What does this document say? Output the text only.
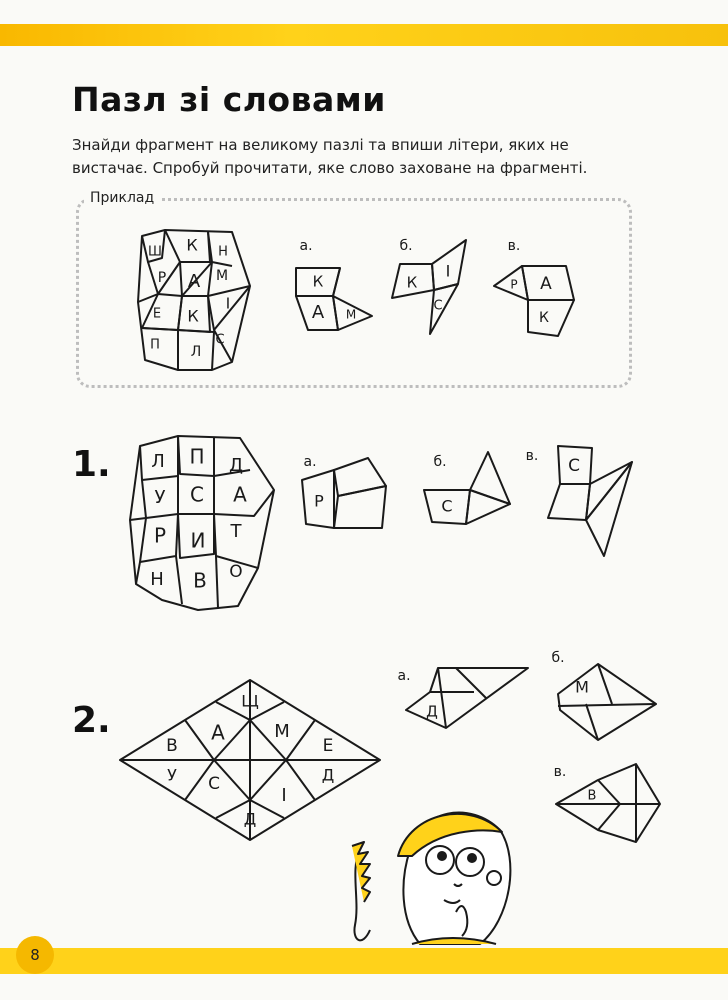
Пазл зі словами

Знайди фрагмент на великому пазлі та впиши літери, яких не

вистачає. Спробуй прочитати, яке слово заховане на фрагменті.

Приклад
1.
2.
Ш К Н
Р А М
Е К
І
П Л
С
а.
К
А М
б.
К
І
С
в.
Р А
К
Л П Д
У С А
Р И Т
Н В О
а.
Р
б.
С
в. С
Щ
В
А	М
Е
У С
І
Д
Д
а.
Д
б.
М
в.
В
8
